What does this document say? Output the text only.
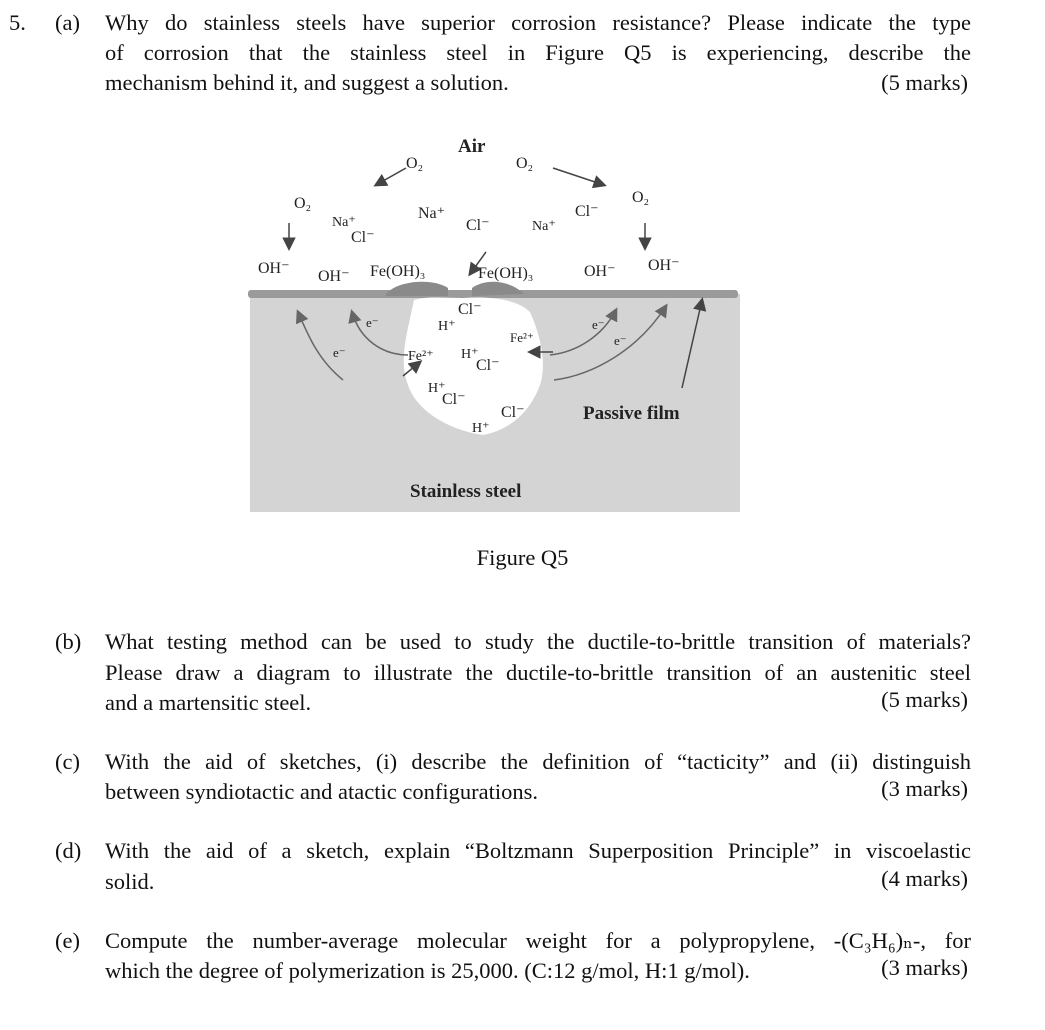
5. (a) Why do stainless steels have superior corrosion resistance? Please indicate the type
of corrosion that the stainless steel in Figure Q5 is experiencing, describe the
mechanism behind it, and suggest a solution.	(5 marks)
Air
O₂	O₂
O₂	O₂
Na⁺
Cl⁻
Na⁺
Cl⁻	Na⁺
Cl⁻
OH⁻ OH⁻ Fe(OH)₃	Fe(OH)₃	OH⁻ OH⁻
H⁺
Cl⁻
Fe²⁺
Fe²⁺ H⁺
Cl⁻
H⁺
Cl⁻
Cl⁻
H⁺
e⁻
e⁻
e⁻
e⁻
Passive film
Stainless steel
Figure Q5
(b) What testing method can be used to study the ductile-to-brittle transition of materials?
Please draw a diagram to illustrate the ductile-to-brittle transition of an austenitic steel
and a martensitic steel.	(5 marks)
(c) With the aid of sketches, (i) describe the definition of “tacticity” and (ii) distinguish
between syndiotactic and atactic configurations.	(3 marks)
(d) With the aid of a sketch, explain “Boltzmann Superposition Principle” in viscoelastic
solid.	(4 marks)
(e) Compute the number-average molecular weight for a polypropylene, -(C₃H₆)ₙ-, for
which the degree of polymerization is 25,000. (C:12 g/mol, H:1 g/mol).	(3 marks)
